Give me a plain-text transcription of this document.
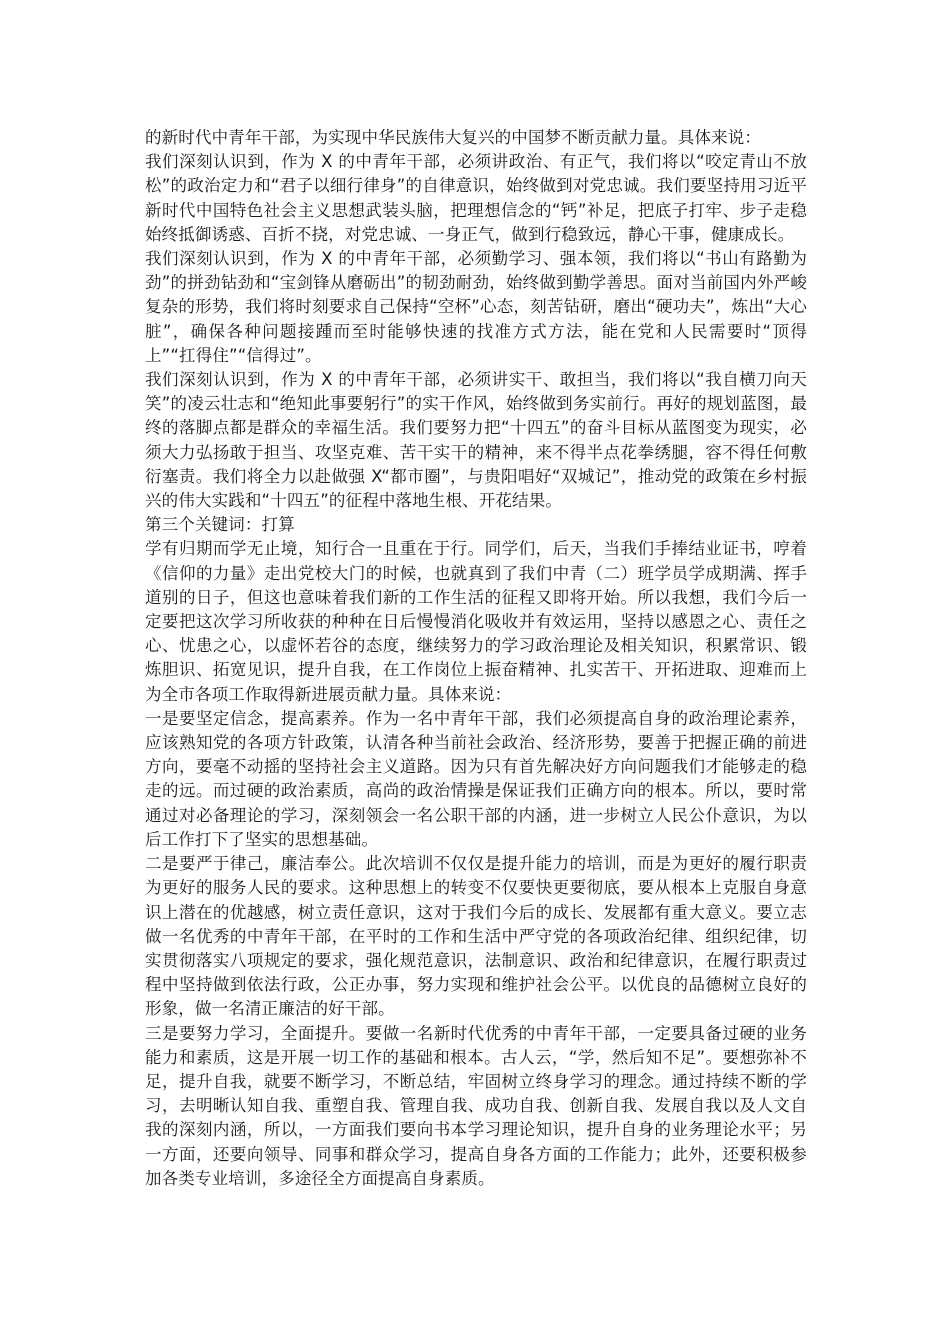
的新时代中青年干部，为实现中华民族伟大复兴的中国梦不断贡献力量。具体来说：

我们深刻认识到，作为 X 的中青年干部，必须讲政治、有正气，我们将以“咬定青山不放松”的政治定力和“君子以细行律身”的自律意识，始终做到对党忠诚。我们要坚持用习近平新时代中国特色社会主义思想武装头脑，把理想信念的“钙”补足，把底子打牢、步子走稳始终抵御诱惑、百折不挠，对党忠诚、一身正气，做到行稳致远，静心干事，健康成长。

我们深刻认识到，作为 X 的中青年干部，必须勤学习、强本领，我们将以“书山有路勤为劲”的拼劲钻劲和“宝剑锋从磨砺出”的韧劲耐劲，始终做到勤学善思。面对当前国内外严峻复杂的形势，我们将时刻要求自己保持“空杯”心态，刻苦钻研，磨出“硬功夫”，炼出“大心脏”，确保各种问题接踵而至时能够快速的找准方式方法，能在党和人民需要时“顶得上”“扛得住”“信得过”。

我们深刻认识到，作为 X 的中青年干部，必须讲实干、敢担当，我们将以“我自横刀向天笑”的凌云壮志和“绝知此事要躬行”的实干作风，始终做到务实前行。再好的规划蓝图，最终的落脚点都是群众的幸福生活。我们要努力把“十四五”的奋斗目标从蓝图变为现实，必须大力弘扬敢于担当、攻坚克难、苦干实干的精神，来不得半点花拳绣腿，容不得任何敷衍塞责。我们将全力以赴做强 X“都市圈”，与贵阳唱好“双城记”，推动党的政策在乡村振兴的伟大实践和“十四五”的征程中落地生根、开花结果。

第三个关键词：打算

学有归期而学无止境，知行合一且重在于行。同学们，后天，当我们手捧结业证书，哼着《信仰的力量》走出党校大门的时候，也就真到了我们中青（二）班学员学成期满、挥手道别的日子，但这也意味着我们新的工作生活的征程又即将开始。所以我想，我们今后一定要把这次学习所收获的种种在日后慢慢消化吸收并有效运用，坚持以感恩之心、责任之心、忧患之心，以虚怀若谷的态度，继续努力的学习政治理论及相关知识，积累常识、锻炼胆识、拓宽见识，提升自我，在工作岗位上振奋精神、扎实苦干、开拓进取、迎难而上为全市各项工作取得新进展贡献力量。具体来说：

一是要坚定信念，提高素养。作为一名中青年干部，我们必须提高自身的政治理论素养，应该熟知党的各项方针政策，认清各种当前社会政治、经济形势，要善于把握正确的前进方向，要毫不动摇的坚持社会主义道路。因为只有首先解决好方向问题我们才能够走的稳走的远。而过硬的政治素质，高尚的政治情操是保证我们正确方向的根本。所以，要时常通过对必备理论的学习，深刻领会一名公职干部的内涵，进一步树立人民公仆意识，为以后工作打下了坚实的思想基础。

二是要严于律己，廉洁奉公。此次培训不仅仅是提升能力的培训，而是为更好的履行职责为更好的服务人民的要求。这种思想上的转变不仅要快更要彻底，要从根本上克服自身意识上潜在的优越感，树立责任意识，这对于我们今后的成长、发展都有重大意义。要立志做一名优秀的中青年干部，在平时的工作和生活中严守党的各项政治纪律、组织纪律，切实贯彻落实八项规定的要求，强化规范意识，法制意识、政治和纪律意识，在履行职责过程中坚持做到依法行政，公正办事，努力实现和维护社会公平。以优良的品德树立良好的形象，做一名清正廉洁的好干部。

三是要努力学习，全面提升。要做一名新时代优秀的中青年干部，一定要具备过硬的业务能力和素质，这是开展一切工作的基础和根本。古人云，“学，然后知不足”。要想弥补不足，提升自我，就要不断学习，不断总结，牢固树立终身学习的理念。通过持续不断的学习，去明晰认知自我、重塑自我、管理自我、成功自我、创新自我、发展自我以及人文自我的深刻内涵，所以，一方面我们要向书本学习理论知识，提升自身的业务理论水平；另一方面，还要向领导、同事和群众学习，提高自身各方面的工作能力；此外，还要积极参加各类专业培训，多途径全方面提高自身素质。
